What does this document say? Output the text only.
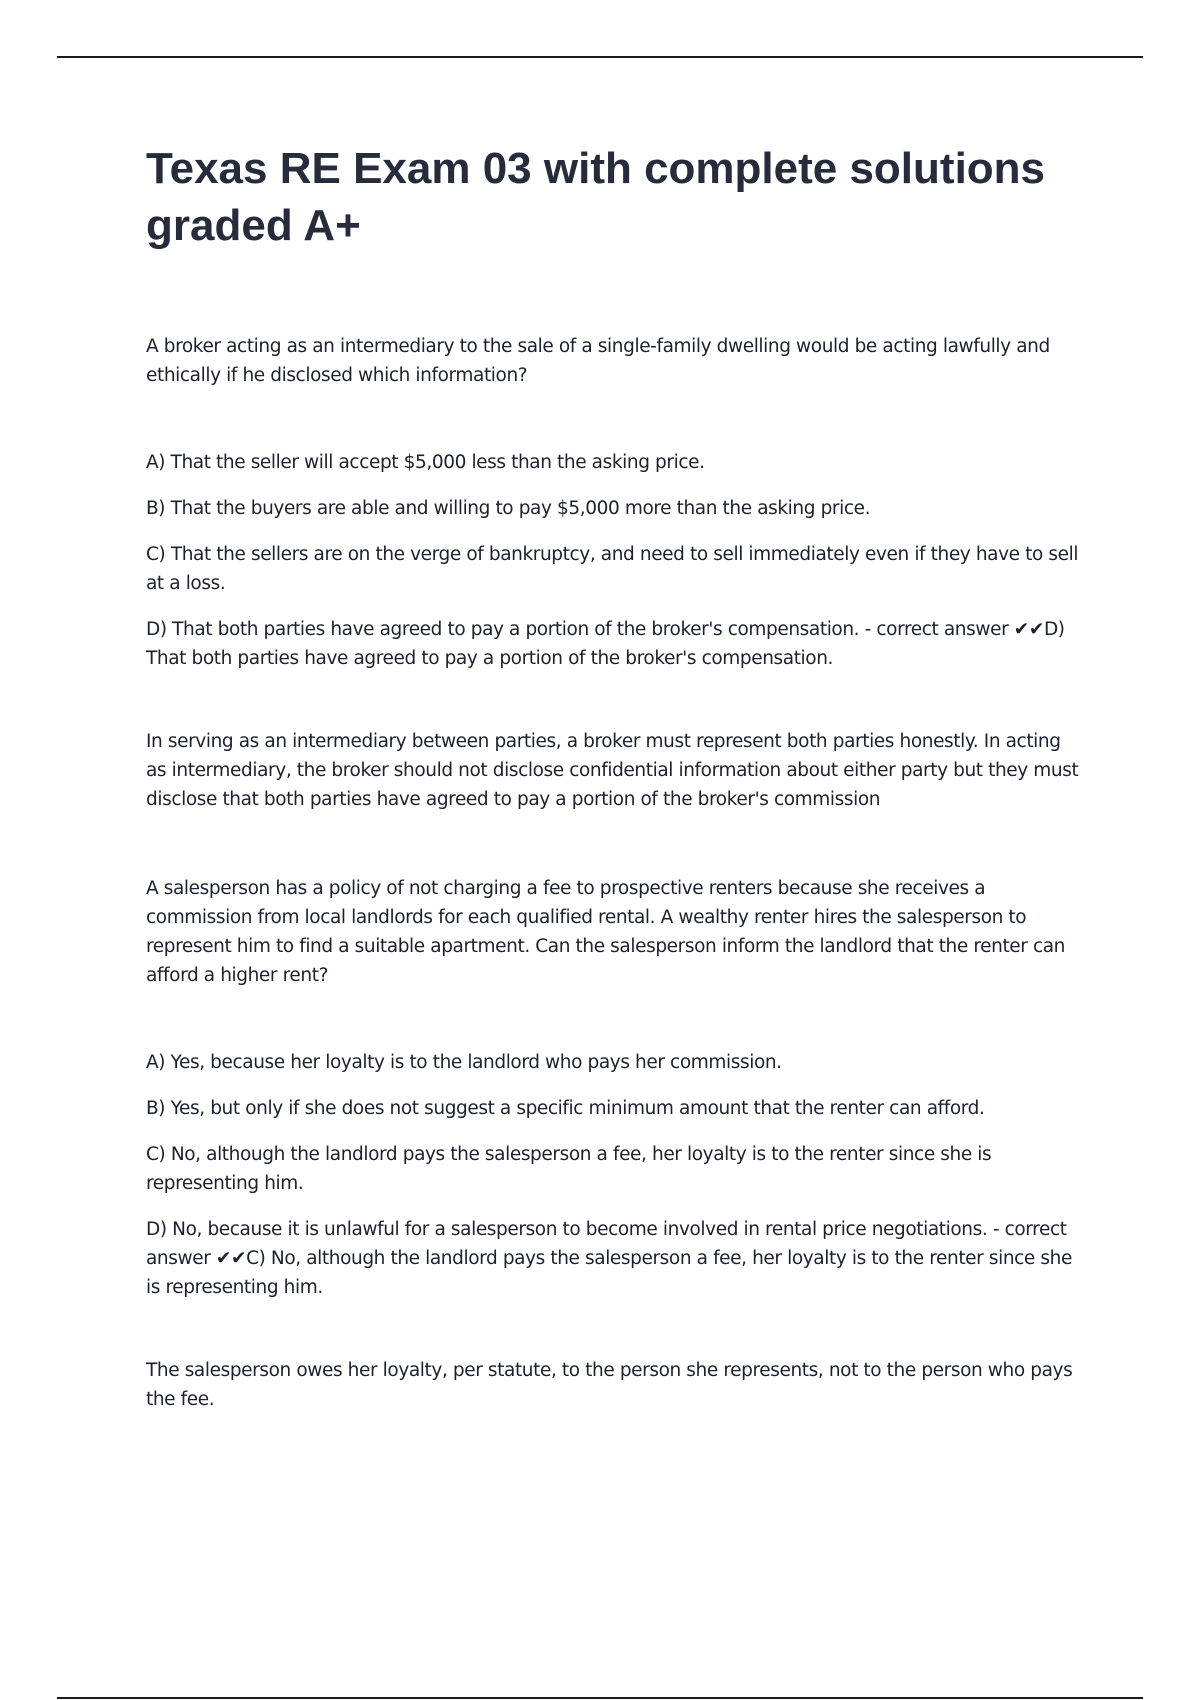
Texas RE Exam 03 with complete solutions graded A+

A broker acting as an intermediary to the sale of a single-family dwelling would be acting lawfully and ethically if he disclosed which information?

A) That the seller will accept $5,000 less than the asking price.

B) That the buyers are able and willing to pay $5,000 more than the asking price.

C) That the sellers are on the verge of bankruptcy, and need to sell immediately even if they have to sell at a loss.

D) That both parties have agreed to pay a portion of the broker's compensation. - correct answer ✔✔D) That both parties have agreed to pay a portion of the broker's compensation.

In serving as an intermediary between parties, a broker must represent both parties honestly. In acting as intermediary, the broker should not disclose confidential information about either party but they must disclose that both parties have agreed to pay a portion of the broker's commission

A salesperson has a policy of not charging a fee to prospective renters because she receives a commission from local landlords for each qualified rental. A wealthy renter hires the salesperson to represent him to find a suitable apartment. Can the salesperson inform the landlord that the renter can afford a higher rent?

A) Yes, because her loyalty is to the landlord who pays her commission.

B) Yes, but only if she does not suggest a specific minimum amount that the renter can afford.

C) No, although the landlord pays the salesperson a fee, her loyalty is to the renter since she is representing him.

D) No, because it is unlawful for a salesperson to become involved in rental price negotiations. - correct answer ✔✔C) No, although the landlord pays the salesperson a fee, her loyalty is to the renter since she is representing him.

The salesperson owes her loyalty, per statute, to the person she represents, not to the person who pays the fee.
